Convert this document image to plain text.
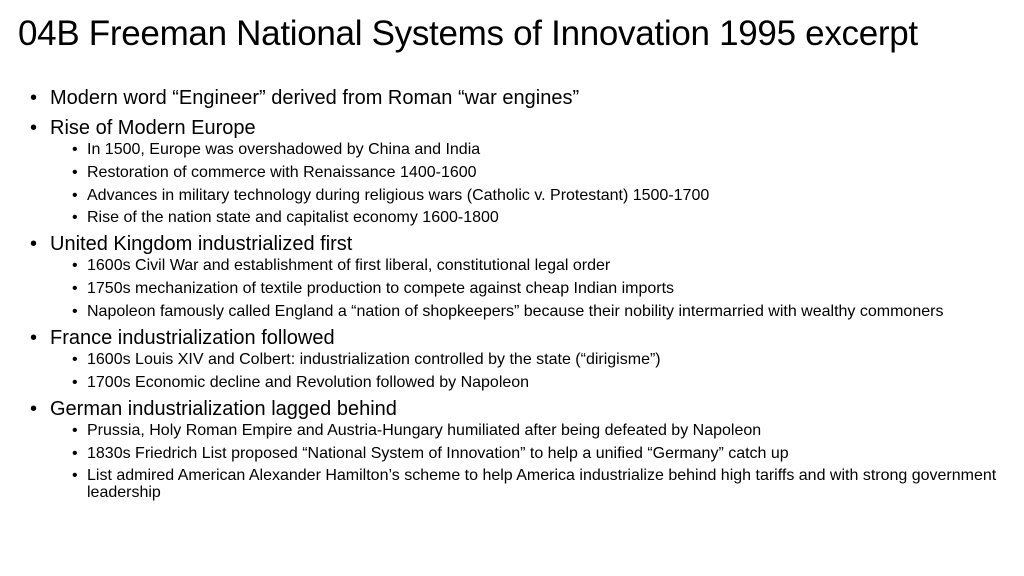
04B Freeman National Systems of Innovation 1995 excerpt
• Modern word “Engineer” derived from Roman “war engines”
• Rise of Modern Europe
• In 1500, Europe was overshadowed by China and India
• Restoration of commerce with Renaissance 1400-1600
• Advances in military technology during religious wars (Catholic v. Protestant) 1500-1700
• Rise of the nation state and capitalist economy 1600-1800
• United Kingdom industrialized first
• 1600s Civil War and establishment of first liberal, constitutional legal order
• 1750s mechanization of textile production to compete against cheap Indian imports
• Napoleon famously called England a “nation of shopkeepers” because their nobility intermarried with wealthy commoners
• France industrialization followed
• 1600s Louis XIV and Colbert: industrialization controlled by the state (“dirigisme”)
• 1700s Economic decline and Revolution followed by Napoleon
• German industrialization lagged behind
• Prussia, Holy Roman Empire and Austria-Hungary humiliated after being defeated by Napoleon
• 1830s Friedrich List proposed “National System of Innovation” to help a unified “Germany” catch up
• List admired American Alexander Hamilton’s scheme to help America industrialize behind high tariffs and with strong government leadership
